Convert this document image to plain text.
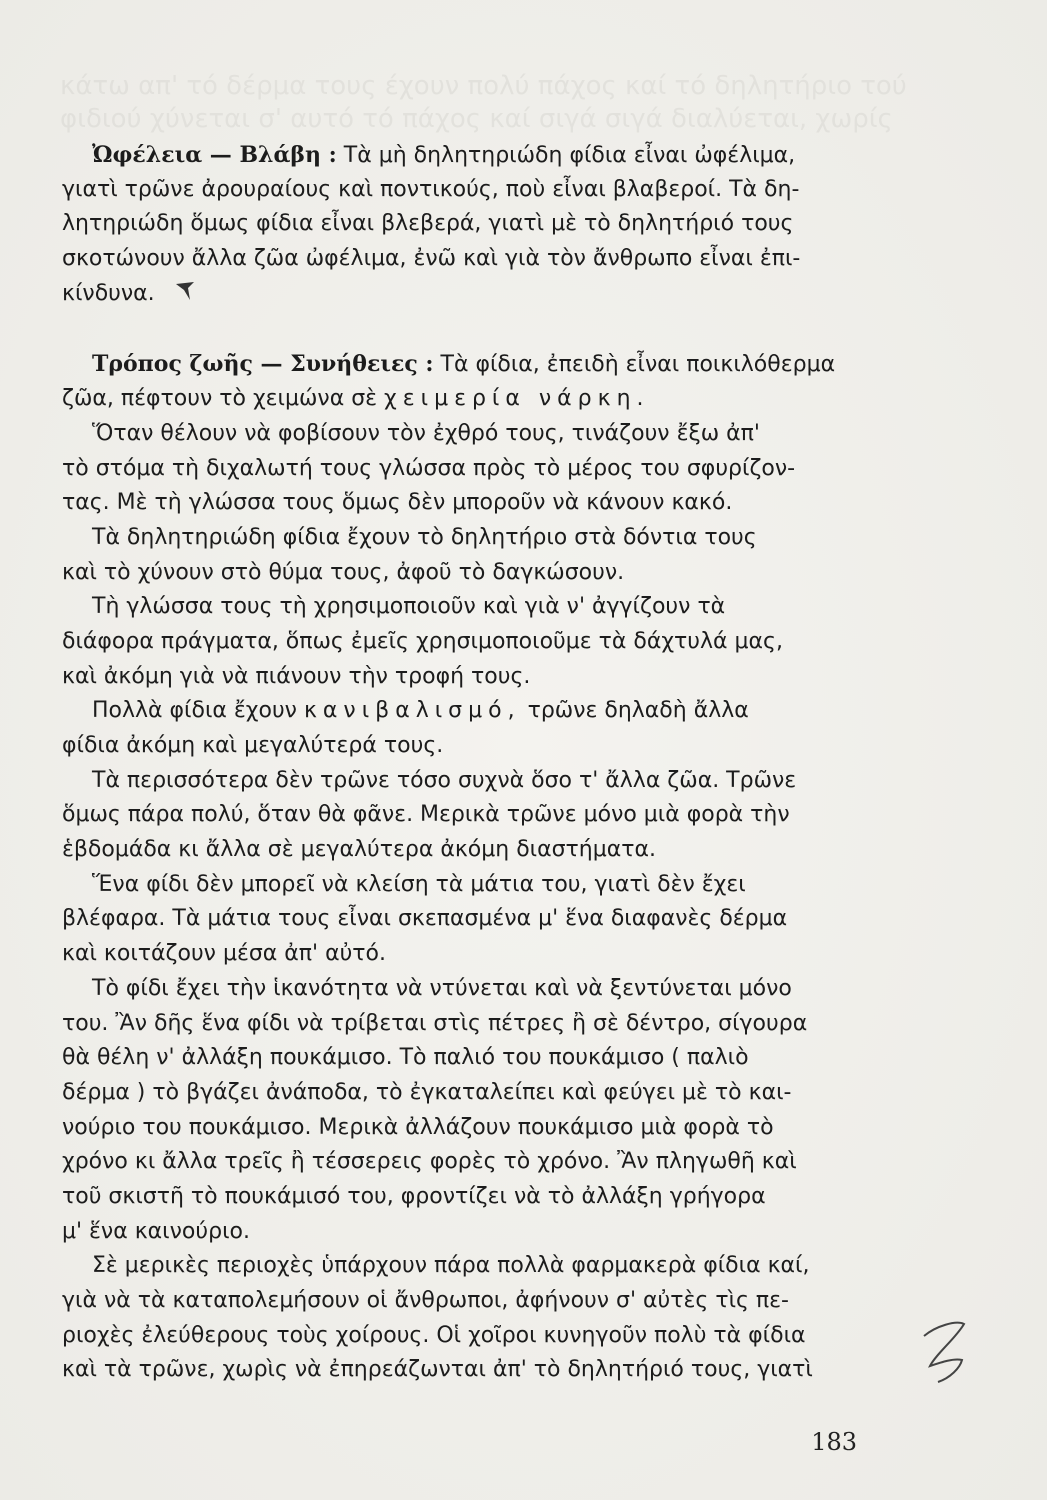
κάτω απ' τό δέρμα τους έχουν πολύ πάχος καί τό δηλητήριο τού
φιδιού χύνεται σ' αυτό τό πάχος καί σιγά σιγά διαλύεται, χωρίς
Ὠφέλεια — Βλάβη : Τὰ μὴ δηλητηριώδη φίδια εἶναι ὠφέλιμα,
γιατὶ τρῶνε ἀρουραίους καὶ ποντικούς, ποὺ εἶναι βλαβεροί. Τὰ δη-
λητηριώδη ὅμως φίδια εἶναι βλεβερά, γιατὶ μὲ τὸ δηλητήριό τους
σκοτώνουν ἄλλα ζῶα ὠφέλιμα, ἐνῶ καὶ γιὰ τὸν ἄνθρωπο εἶναι ἐπι-
κίνδυνα.
Τρόπος ζωῆς — Συνήθειες : Τὰ φίδια, ἐπειδὴ εἶναι ποικιλόθερμα
ζῶα, πέφτουν τὸ χειμώνα σὲ χειμερία νάρκη.
Ὅταν θέλουν νὰ φοβίσουν τὸν ἐχθρό τους, τινάζουν ἔξω ἀπ'
τὸ στόμα τὴ διχαλωτή τους γλώσσα πρὸς τὸ μέρος του σφυρίζον-
τας. Μὲ τὴ γλώσσα τους ὅμως δὲν μποροῦν νὰ κάνουν κακό.
Τὰ δηλητηριώδη φίδια ἔχουν τὸ δηλητήριο στὰ δόντια τους
καὶ τὸ χύνουν στὸ θύμα τους, ἀφοῦ τὸ δαγκώσουν.
Τὴ γλώσσα τους τὴ χρησιμοποιοῦν καὶ γιὰ ν' ἀγγίζουν τὰ
διάφορα πράγματα, ὅπως ἐμεῖς χρησιμοποιοῦμε τὰ δάχτυλά μας,
καὶ ἀκόμη γιὰ νὰ πιάνουν τὴν τροφή τους.
Πολλὰ φίδια ἔχουν κανιβαλισμό, τρῶνε δηλαδὴ ἄλλα
φίδια ἀκόμη καὶ μεγαλύτερά τους.
Τὰ περισσότερα δὲν τρῶνε τόσο συχνὰ ὅσο τ' ἄλλα ζῶα. Τρῶνε
ὅμως πάρα πολύ, ὅταν θὰ φᾶνε. Μερικὰ τρῶνε μόνο μιὰ φορὰ τὴν
ἑβδομάδα κι ἄλλα σὲ μεγαλύτερα ἀκόμη διαστήματα.
Ἕνα φίδι δὲν μπορεῖ νὰ κλείση τὰ μάτια του, γιατὶ δὲν ἔχει
βλέφαρα. Τὰ μάτια τους εἶναι σκεπασμένα μ' ἕνα διαφανὲς δέρμα
καὶ κοιτάζουν μέσα ἀπ' αὐτό.
Τὸ φίδι ἔχει τὴν ἱκανότητα νὰ ντύνεται καὶ νὰ ξεντύνεται μόνο
του. Ἂν δῆς ἕνα φίδι νὰ τρίβεται στὶς πέτρες ἢ σὲ δέντρο, σίγουρα
θὰ θέλη ν' ἀλλάξη πουκάμισο. Τὸ παλιό του πουκάμισο ( παλιὸ
δέρμα ) τὸ βγάζει ἀνάποδα, τὸ ἐγκαταλείπει καὶ φεύγει μὲ τὸ και-
νούριο του πουκάμισο. Μερικὰ ἀλλάζουν πουκάμισο μιὰ φορὰ τὸ
χρόνο κι ἄλλα τρεῖς ἢ τέσσερεις φορὲς τὸ χρόνο. Ἂν πληγωθῆ καὶ
τοῦ σκιστῆ τὸ πουκάμισό του, φροντίζει νὰ τὸ ἀλλάξη γρήγορα
μ' ἕνα καινούριο.
Σὲ μερικὲς περιοχὲς ὑπάρχουν πάρα πολλὰ φαρμακερὰ φίδια καί,
γιὰ νὰ τὰ καταπολεμήσουν οἱ ἄνθρωποι, ἀφήνουν σ' αὐτὲς τὶς πε-
ριοχὲς ἐλεύθερους τοὺς χοίρους. Οἱ χοῖροι κυνηγοῦν πολὺ τὰ φίδια
καὶ τὰ τρῶνε, χωρὶς νὰ ἐπηρεάζωνται ἀπ' τὸ δηλητήριό τους, γιατὶ
183
